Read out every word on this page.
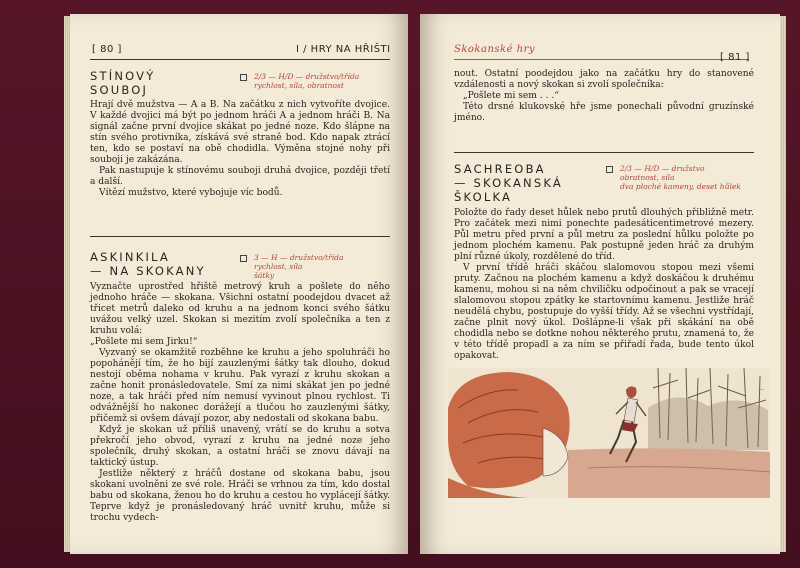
[ 80 ]	I / HRY NA HŘIŠTI
STÍNOVÝ
SOUBOJ
2/3 — H/D — družstvo/třída
rychlost, síla, obratnost

Hrají dvě mužstva — A a B. Na začátku z nich vytvoříte dvojice. V každé dvojici má být po jednom hráči A a jednom hráči B. Na signál začne první dvojice skákat po jedné noze. Kdo šlápne na stín svého protivníka, získává své straně bod. Kdo napak ztrácí ten, kdo se postaví na obě chodidla. Výměna stojné nohy při souboji je zakázána.

Pak nastupuje k stínovému souboji druhá dvojice, později třetí a další.

Vítězí mužstvo, které vybojuje víc bodů.

ASKINKILA
— NA SKOKANY
3 — H — družstvo/třída
rychlost, síla
šátky

Vyznačte uprostřed hřiště metrový kruh a pošlete do něho jednoho hráče — skokana. Všichni ostatní poodejdou dvacet až třicet metrů daleko od kruhu a na jednom konci svého šátku uvážou velký uzel. Skokan si mezitím zvolí společníka a ten z kruhu volá:

„Pošlete mi sem Jirku!“

Vyzvaný se okamžitě rozběhne ke kruhu a jeho spoluhráči ho popohánějí tím, že ho bijí zauzlenými šátky tak dlouho, dokud nestojí oběma nohama v kruhu. Pak vyrazí z kruhu skokan a začne honit pronásledovatele. Smí za nimi skákat jen po jedné noze, a tak hráči před ním nemusí vyvinout plnou rychlost. Ti odvážnější ho nakonec dorážejí a tlučou ho zauzlenými šátky, přičemž si ovšem dávají pozor, aby nedostali od skokana babu.

Když je skokan už příliš unavený, vrátí se do kruhu a sotva překročí jeho obvod, vyrazí z kruhu na jedné noze jeho společník, druhý skokan, a ostatní hráči se znovu dávají na taktický ústup.

Jestliže některý z hráčů dostane od skokana babu, jsou skokani uvolněni ze své role. Hráči se vrhnou za tím, kdo dostal babu od skokana, ženou ho do kruhu a cestou ho vyplácejí šátky. Teprve když je pronásledovaný hráč uvnitř kruhu, může si trochu vydech-

Skokanské hry
[ 81 ]

nout. Ostatní poodejdou jako na začátku hry do stanovené vzdálenosti a nový skokan si zvolí společníka:

„Pošlete mi sem . . .“

Této drsné klukovské hře jsme ponechali původní gruzínské jméno.

SACHREOBA
— SKOKANSKÁ
ŠKOLKA
2/3 — H/D — družstvo
obratnost, síla
dva ploché kameny, deset hůlek

Položte do řady deset hůlek nebo prutů dlouhých přibližně metr. Pro začátek mezi nimi ponechte padesáticentimetrové mezery. Půl metru před první a půl metru za poslední hůlku položte po jednom plochém kamenu. Pak postupně jeden hráč za druhým plní různé úkoly, rozdělené do tříd.

V první třídě hráči skáčou slalomovou stopou mezi všemi pruty. Začnou na plochém kamenu a když doskáčou k druhému kamenu, mohou si na něm chviličku odpočinout a pak se vracejí slalomovou stopou zpátky ke startovnímu kamenu. Jestliže hráč neudělá chybu, postupuje do vyšší třídy. Až se všechni vystřídají, začne plnit nový úkol. Došlápne-li však při skákání na obě chodidla nebo se dotkne nohou některého prutu, znamená to, že v této třídě propadl a za ním se přiřadí řada, bude tento úkol opakovat.

—
